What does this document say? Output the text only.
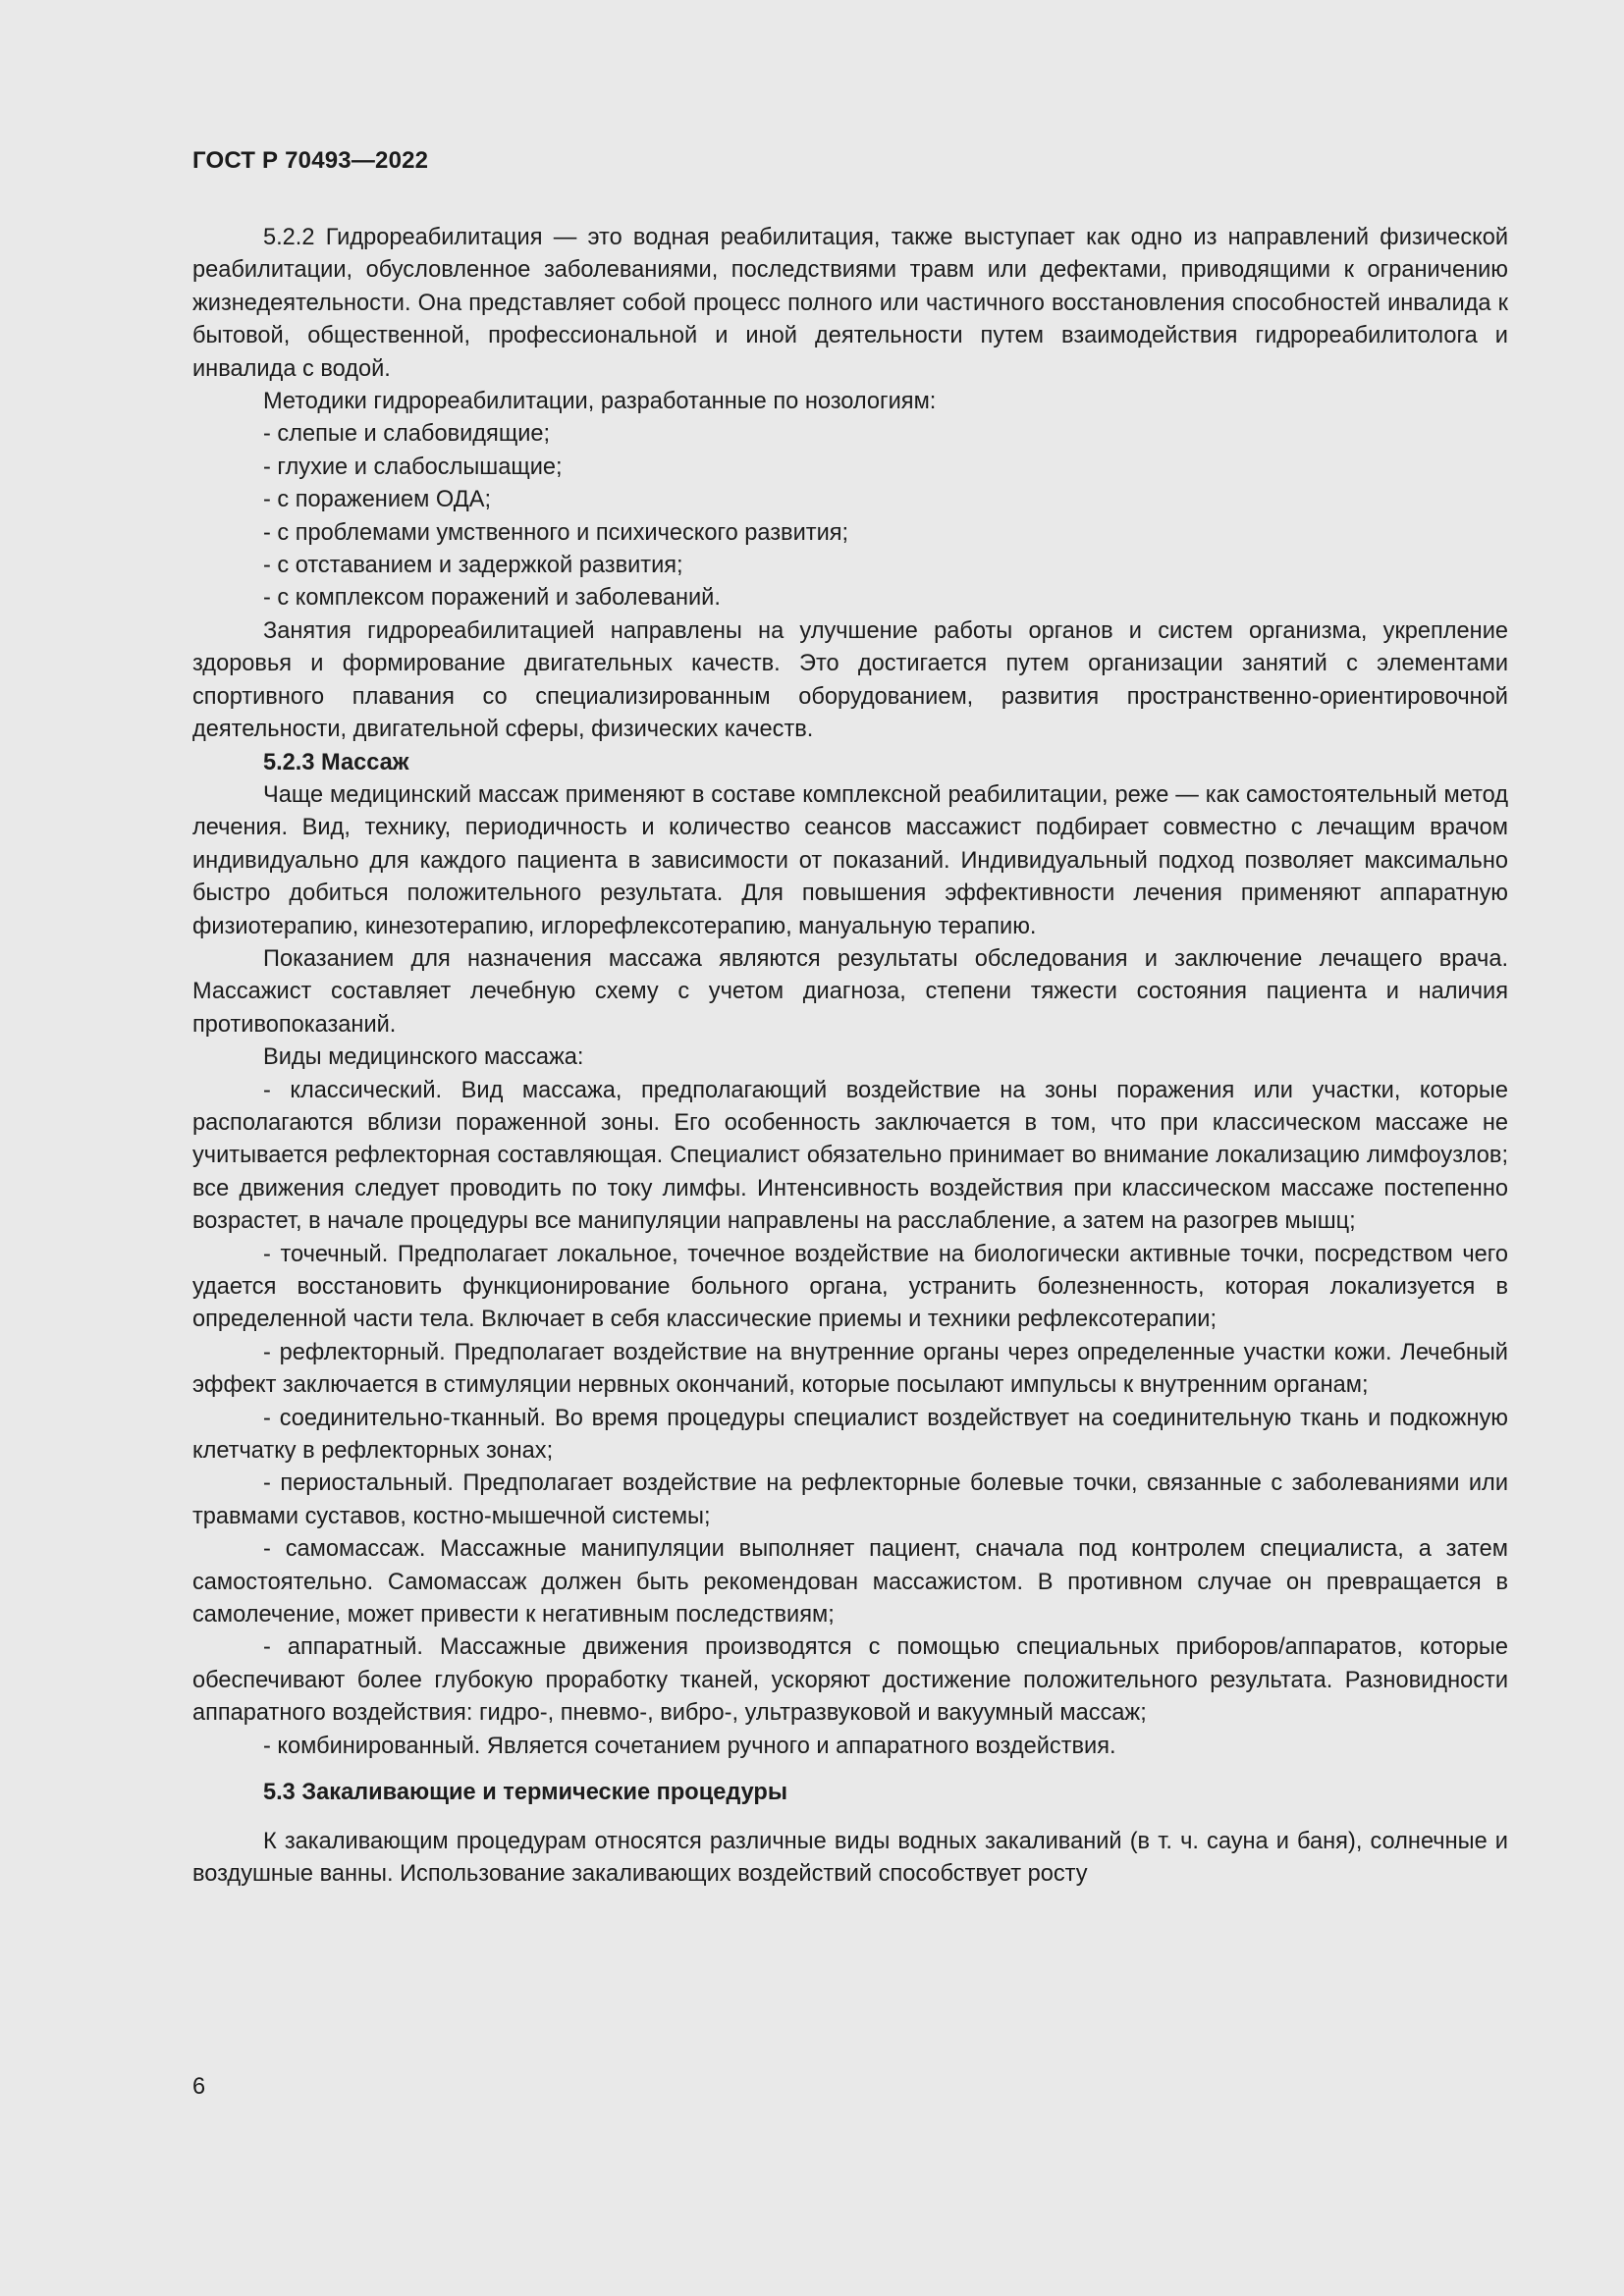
ГОСТ Р 70493—2022

5.2.2 Гидрореабилитация — это водная реабилитация, также выступает как одно из направлений физической реабилитации, обусловленное заболеваниями, последствиями травм или дефектами, приводящими к ограничению жизнедеятельности. Она представляет собой процесс полного или частичного восстановления способностей инвалида к бытовой, общественной, профессиональной и иной деятельности путем взаимодействия гидрореабилитолога и инвалида с водой.

Методики гидрореабилитации, разработанные по нозологиям:

- слепые и слабовидящие;

- глухие и слабослышащие;

- с поражением ОДА;

- с проблемами умственного и психического развития;

- с отставанием и задержкой развития;

- с комплексом поражений и заболеваний.

Занятия гидрореабилитацией направлены на улучшение работы органов и систем организма, укрепление здоровья и формирование двигательных качеств. Это достигается путем организации занятий с элементами спортивного плавания со специализированным оборудованием, развития пространственно-ориентировочной деятельности, двигательной сферы, физических качеств.

5.2.3 Массаж

Чаще медицинский массаж применяют в составе комплексной реабилитации, реже — как самостоятельный метод лечения. Вид, технику, периодичность и количество сеансов массажист подбирает совместно с лечащим врачом индивидуально для каждого пациента в зависимости от показаний. Индивидуальный подход позволяет максимально быстро добиться положительного результата. Для повышения эффективности лечения применяют аппаратную физиотерапию, кинезотерапию, иглорефлексотерапию, мануальную терапию.

Показанием для назначения массажа являются результаты обследования и заключение лечащего врача. Массажист составляет лечебную схему с учетом диагноза, степени тяжести состояния пациента и наличия противопоказаний.

Виды медицинского массажа:

- классический. Вид массажа, предполагающий воздействие на зоны поражения или участки, которые располагаются вблизи пораженной зоны. Его особенность заключается в том, что при классическом массаже не учитывается рефлекторная составляющая. Специалист обязательно принимает во внимание локализацию лимфоузлов; все движения следует проводить по току лимфы. Интенсивность воздействия при классическом массаже постепенно возрастет, в начале процедуры все манипуляции направлены на расслабление, а затем на разогрев мышц;

- точечный. Предполагает локальное, точечное воздействие на биологически активные точки, посредством чего удается восстановить функционирование больного органа, устранить болезненность, которая локализуется в определенной части тела. Включает в себя классические приемы и техники рефлексотерапии;

- рефлекторный. Предполагает воздействие на внутренние органы через определенные участки кожи. Лечебный эффект заключается в стимуляции нервных окончаний, которые посылают импульсы к внутренним органам;

- соединительно-тканный. Во время процедуры специалист воздействует на соединительную ткань и подкожную клетчатку в рефлекторных зонах;

- периостальный. Предполагает воздействие на рефлекторные болевые точки, связанные с заболеваниями или травмами суставов, костно-мышечной системы;

- самомассаж. Массажные манипуляции выполняет пациент, сначала под контролем специалиста, а затем самостоятельно. Самомассаж должен быть рекомендован массажистом. В противном случае он превращается в самолечение, может привести к негативным последствиям;

- аппаратный. Массажные движения производятся с помощью специальных приборов/аппаратов, которые обеспечивают более глубокую проработку тканей, ускоряют достижение положительного результата. Разновидности аппаратного воздействия: гидро-, пневмо-, вибро-, ультразвуковой и вакуумный массаж;

- комбинированный. Является сочетанием ручного и аппаратного воздействия.

5.3 Закаливающие и термические процедуры

К закаливающим процедурам относятся различные виды водных закаливаний (в т. ч. сауна и баня), солнечные и воздушные ванны. Использование закаливающих воздействий способствует росту

6
